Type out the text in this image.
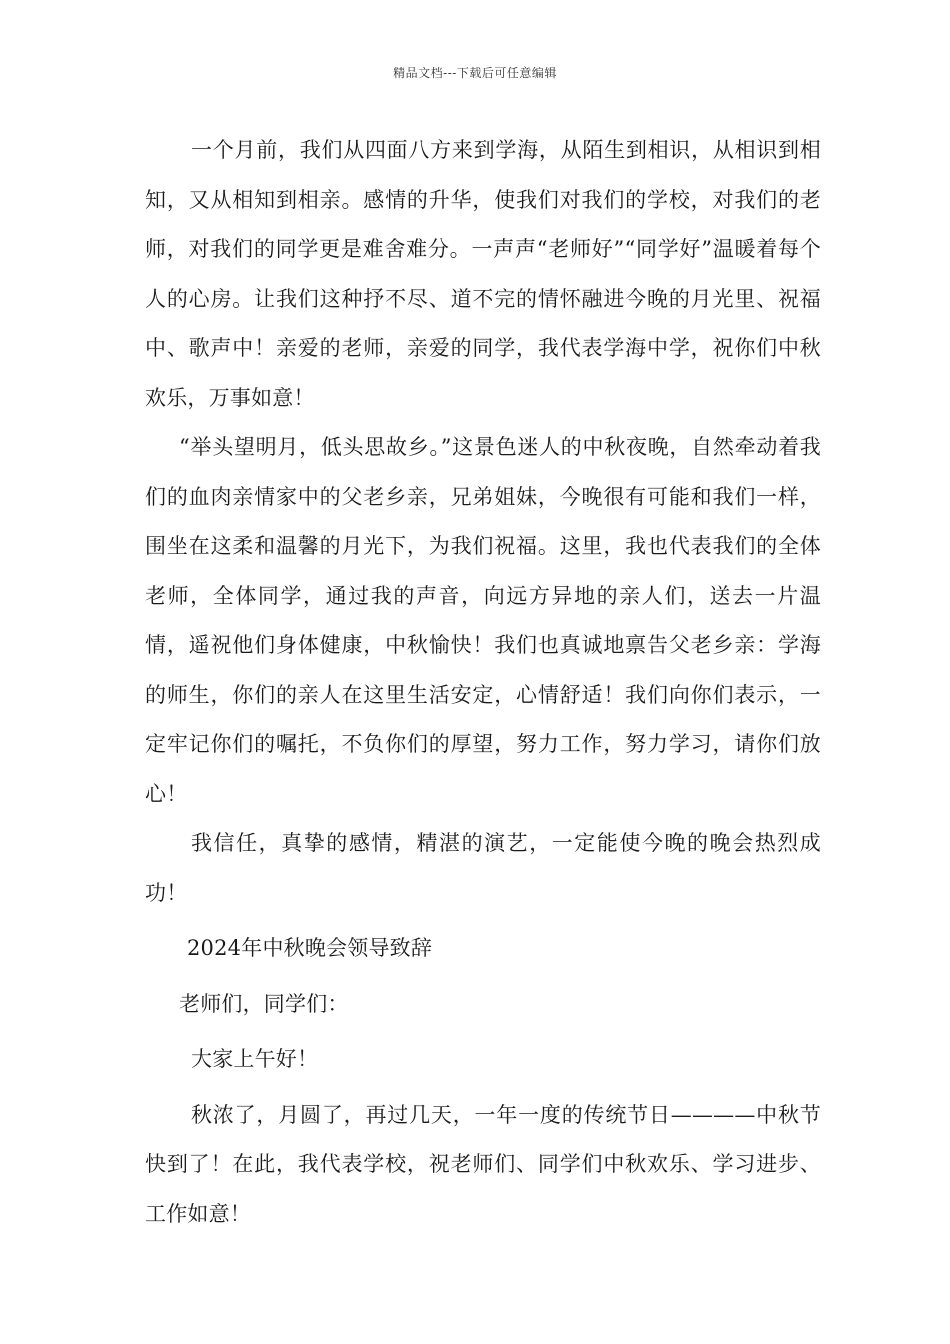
精品文档---下载后可任意编辑

一个月前，我们从四面八方来到学海，从陌生到相识，从相识到相知，又从相知到相亲。感情的升华，使我们对我们的学校，对我们的老师，对我们的同学更是难舍难分。一声声“老师好”“同学好”温暖着每个人的心房。让我们这种抒不尽、道不完的情怀融进今晚的月光里、祝福中、歌声中！亲爱的老师，亲爱的同学，我代表学海中学，祝你们中秋欢乐，万事如意！

“举头望明月，低头思故乡。”这景色迷人的中秋夜晚，自然牵动着我们的血肉亲情家中的父老乡亲，兄弟姐妹，今晚很有可能和我们一样，围坐在这柔和温馨的月光下，为我们祝福。这里，我也代表我们的全体老师，全体同学，通过我的声音，向远方异地的亲人们，送去一片温情，遥祝他们身体健康，中秋愉快！我们也真诚地禀告父老乡亲：学海的师生，你们的亲人在这里生活安定，心情舒适！我们向你们表示，一定牢记你们的嘱托，不负你们的厚望，努力工作，努力学习，请你们放心！

我信任，真挚的感情，精湛的演艺，一定能使今晚的晚会热烈成功！

2024年中秋晚会领导致辞

老师们，同学们：

大家上午好！

秋浓了，月圆了，再过几天，一年一度的传统节日————中秋节快到了！在此，我代表学校，祝老师们、同学们中秋欢乐、学习进步、工作如意！
